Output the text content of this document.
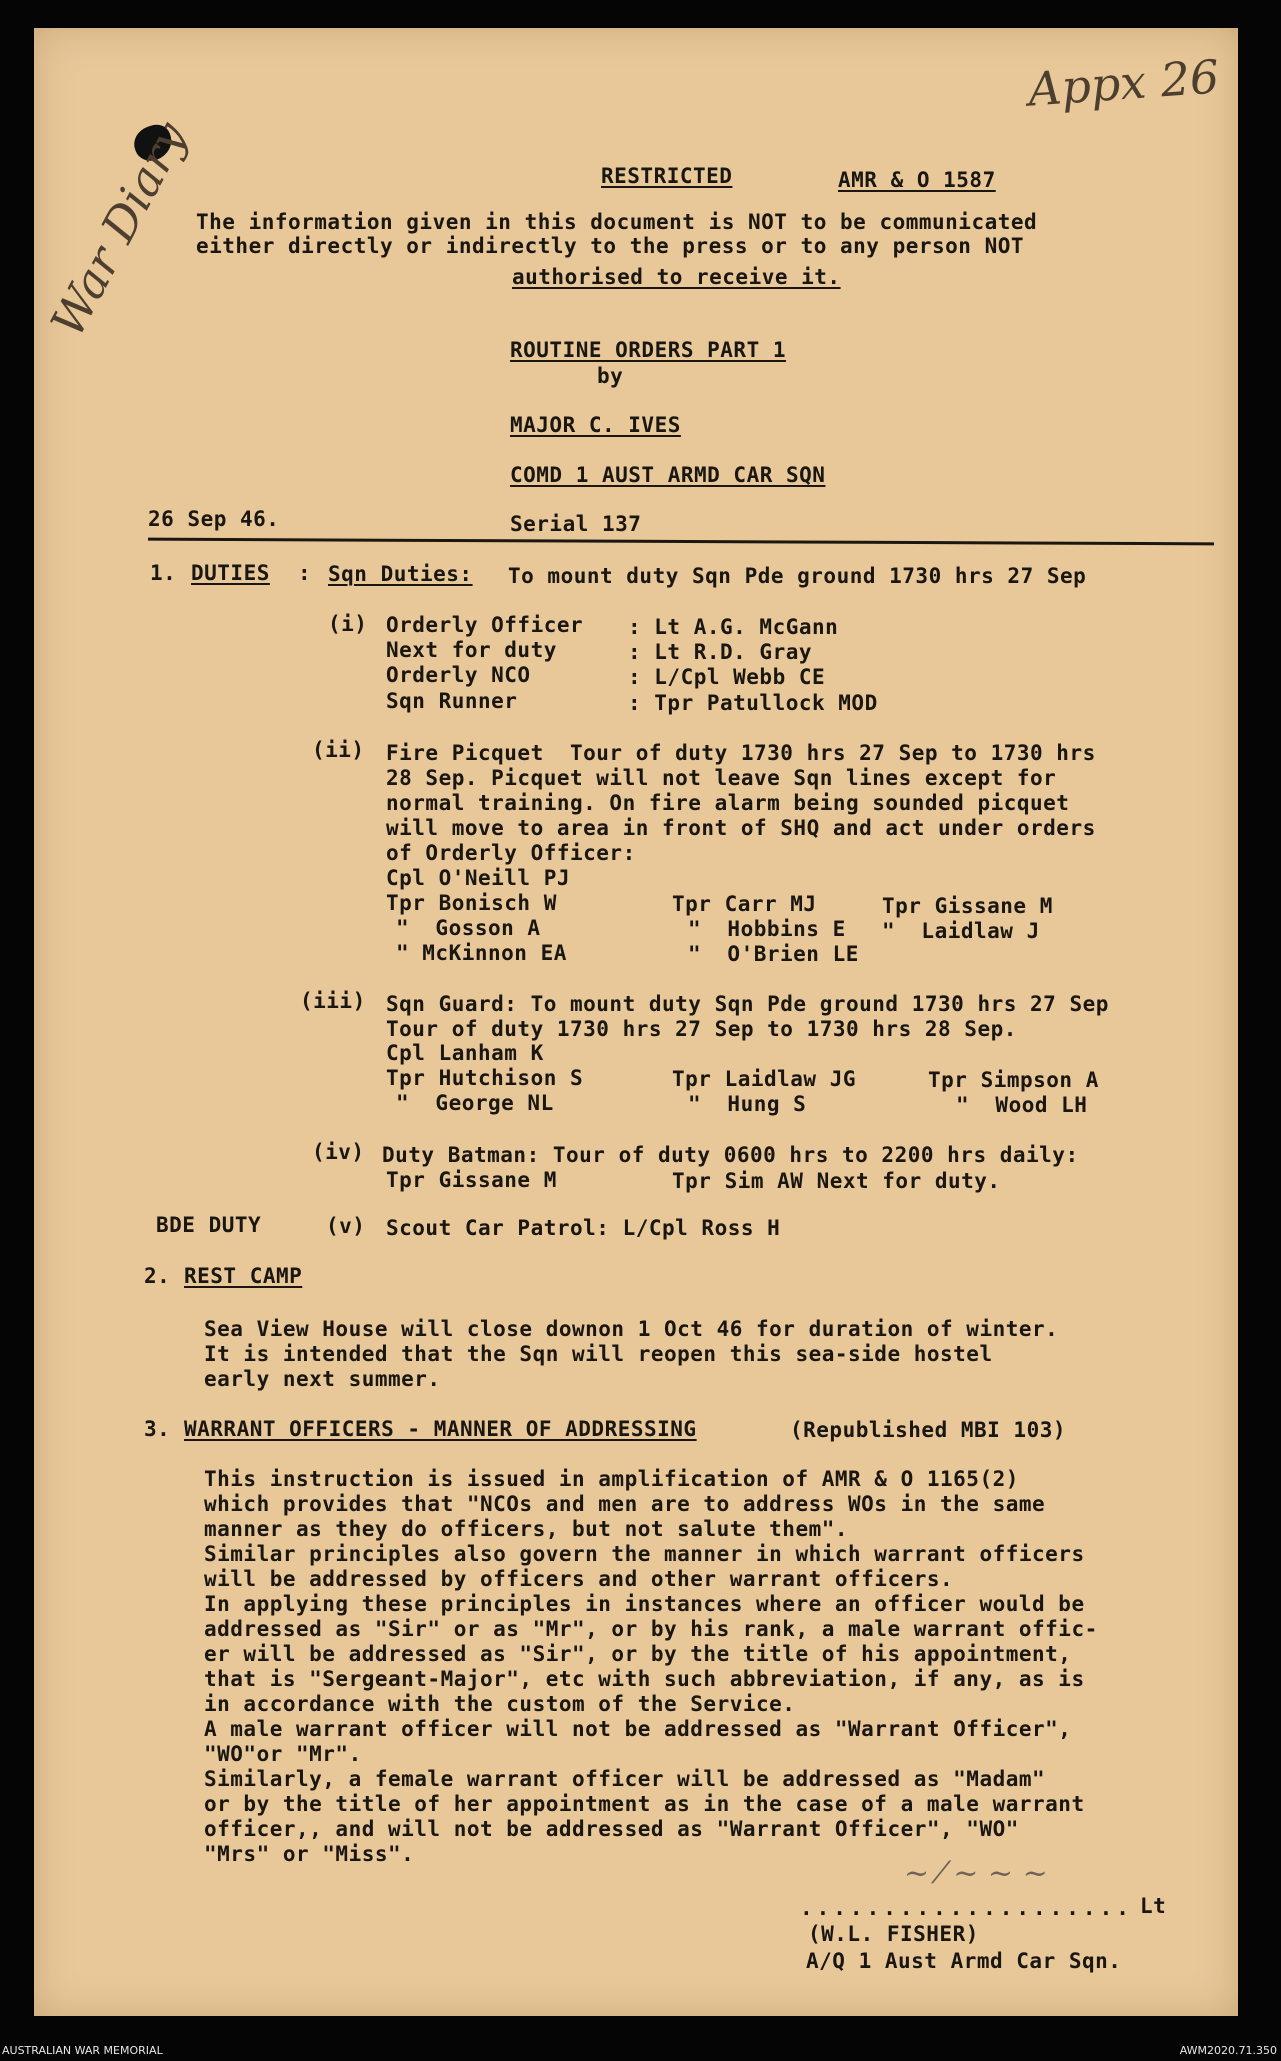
Appx 26
War Diary	RESTRICTED	AMR & O 1587
The information given in this document is NOT to be communicated
either directly or indirectly to the press or to any person NOT
authorised to receive it.
ROUTINE ORDERS PART 1
by
MAJOR C. IVES
COMD 1 AUST ARMD CAR SQN
26 Sep 46.	Serial 137
1. DUTIES : Sqn Duties: To mount duty Sqn Pde ground 1730 hrs 27 Sep
(i) Orderly Officer : Lt A.G. McGann
Next for duty	: Lt R.D. Gray
Orderly NCO	: L/Cpl Webb CE
Sqn Runner	: Tpr Patullock MOD
(ii) Fire Picquet  Tour of duty 1730 hrs 27 Sep to 1730 hrs
28 Sep. Picquet will not leave Sqn lines except for
normal training. On fire alarm being sounded picquet
will move to area in front of SHQ and act under orders
of Orderly Officer:
Cpl O'Neill PJ
Tpr Bonisch W	Tpr Carr MJ	Tpr Gissane M
"  Gosson A	"  Hobbins E "  Laidlaw J
" McKinnon EA	"  O'Brien LE
(iii) Sqn Guard: To mount duty Sqn Pde ground 1730 hrs 27 Sep
Tour of duty 1730 hrs 27 Sep to 1730 hrs 28 Sep.
Cpl Lanham K
Tpr Hutchison S	Tpr Laidlaw JG	Tpr Simpson A
"  George NL	"  Hung S	"  Wood LH
(iv) Duty Batman: Tour of duty 0600 hrs to 2200 hrs daily:
Tpr Gissane M	Tpr Sim AW Next for duty.
BDE DUTY	(v) Scout Car Patrol: L/Cpl Ross H
2. REST CAMP
Sea View House will close downon 1 Oct 46 for duration of winter.
It is intended that the Sqn will reopen this sea-side hostel
early next summer.
3. WARRANT OFFICERS - MANNER OF ADDRESSING	(Republished MBI 103)
This instruction is issued in amplification of AMR & O 1165(2)
which provides that "NCOs and men are to address WOs in the same
manner as they do officers, but not salute them".
Similar principles also govern the manner in which warrant officers
will be addressed by officers and other warrant officers.
In applying these principles in instances where an officer would be
addressed as "Sir" or as "Mr", or by his rank, a male warrant offic-
er will be addressed as "Sir", or by the title of his appointment,
that is "Sergeant-Major", etc with such abbreviation, if any, as is
in accordance with the custom of the Service.
A male warrant officer will not be addressed as "Warrant Officer",
"WO"or "Mr".
Similarly, a female warrant officer will be addressed as "Madam"
or by the title of her appointment as in the case of a male warrant
officer,, and will not be addressed as "Warrant Officer", "WO"
"Mrs" or "Miss".
~ ⁄ ~ ~ ~
.................... Lt
(W.L. FISHER)
A/Q 1 Aust Armd Car Sqn.
AUSTRALIAN WAR MEMORIAL	AWM2020.71.350
